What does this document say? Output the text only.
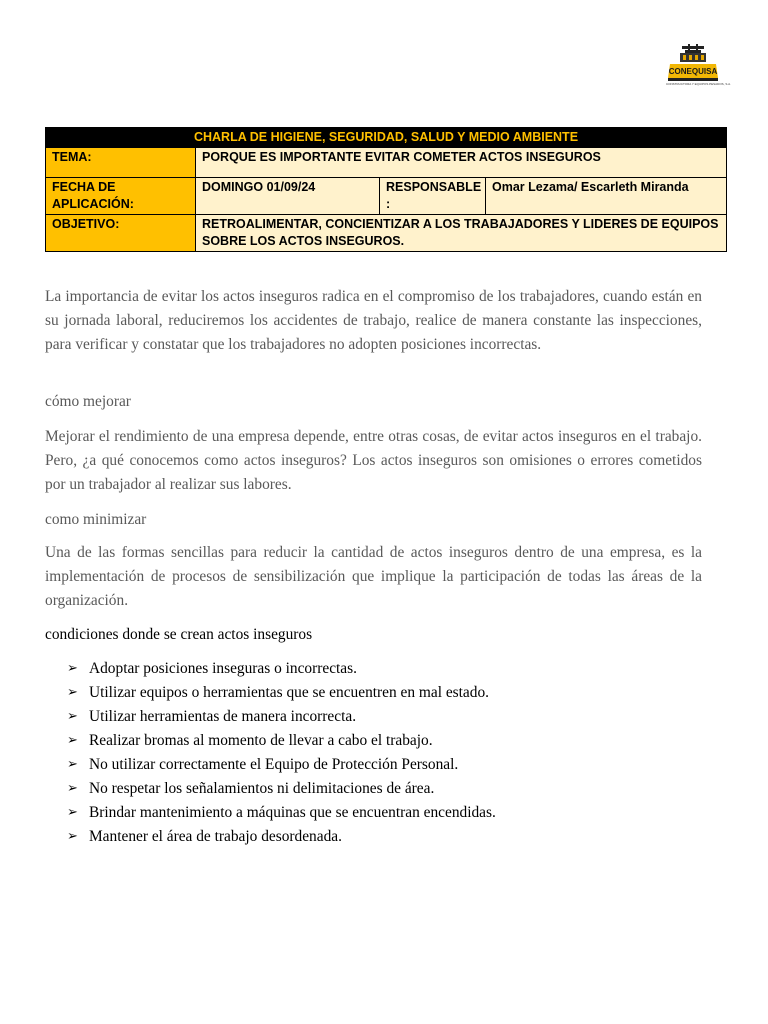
CONEQUISA
CONSTRUCTORA Y EQUIPOS PESADOS, S.A.
CHARLA DE HIGIENE, SEGURIDAD, SALUD Y MEDIO AMBIENTE			
TEMA:	PORQUE ES IMPORTANTE EVITAR COMETER ACTOS INSEGUROS		
FECHA DE APLICACIÓN:	DOMINGO 01/09/24	RESPONSABLE :	Omar Lezama/ Escarleth Miranda
OBJETIVO:	RETROALIMENTAR, CONCIENTIZAR A LOS TRABAJADORES Y LIDERES DE EQUIPOS SOBRE LOS ACTOS INSEGUROS.		

La importancia de evitar los actos inseguros radica en el compromiso de los trabajadores, cuando están en su jornada laboral, reduciremos los accidentes de trabajo, realice de manera constante las inspecciones, para verificar y constatar que los trabajadores no adopten posiciones incorrectas.

cómo mejorar

Mejorar el rendimiento de una empresa depende, entre otras cosas, de evitar actos inseguros en el trabajo. Pero, ¿a qué conocemos como actos inseguros? Los actos inseguros son omisiones o errores cometidos por un trabajador al realizar sus labores.

como minimizar

Una de las formas sencillas para reducir la cantidad de actos inseguros dentro de una empresa, es la implementación de procesos de sensibilización que implique la participación de todas las áreas de la organización.

condiciones donde se crean actos inseguros

➢ Adoptar posiciones inseguras o incorrectas.
➢ Utilizar equipos o herramientas que se encuentren en mal estado.
➢ Utilizar herramientas de manera incorrecta.
➢ Realizar bromas al momento de llevar a cabo el trabajo.
➢ No utilizar correctamente el Equipo de Protección Personal.
➢ No respetar los señalamientos ni delimitaciones de área.
➢ Brindar mantenimiento a máquinas que se encuentran encendidas.
➢ Mantener el área de trabajo desordenada.
